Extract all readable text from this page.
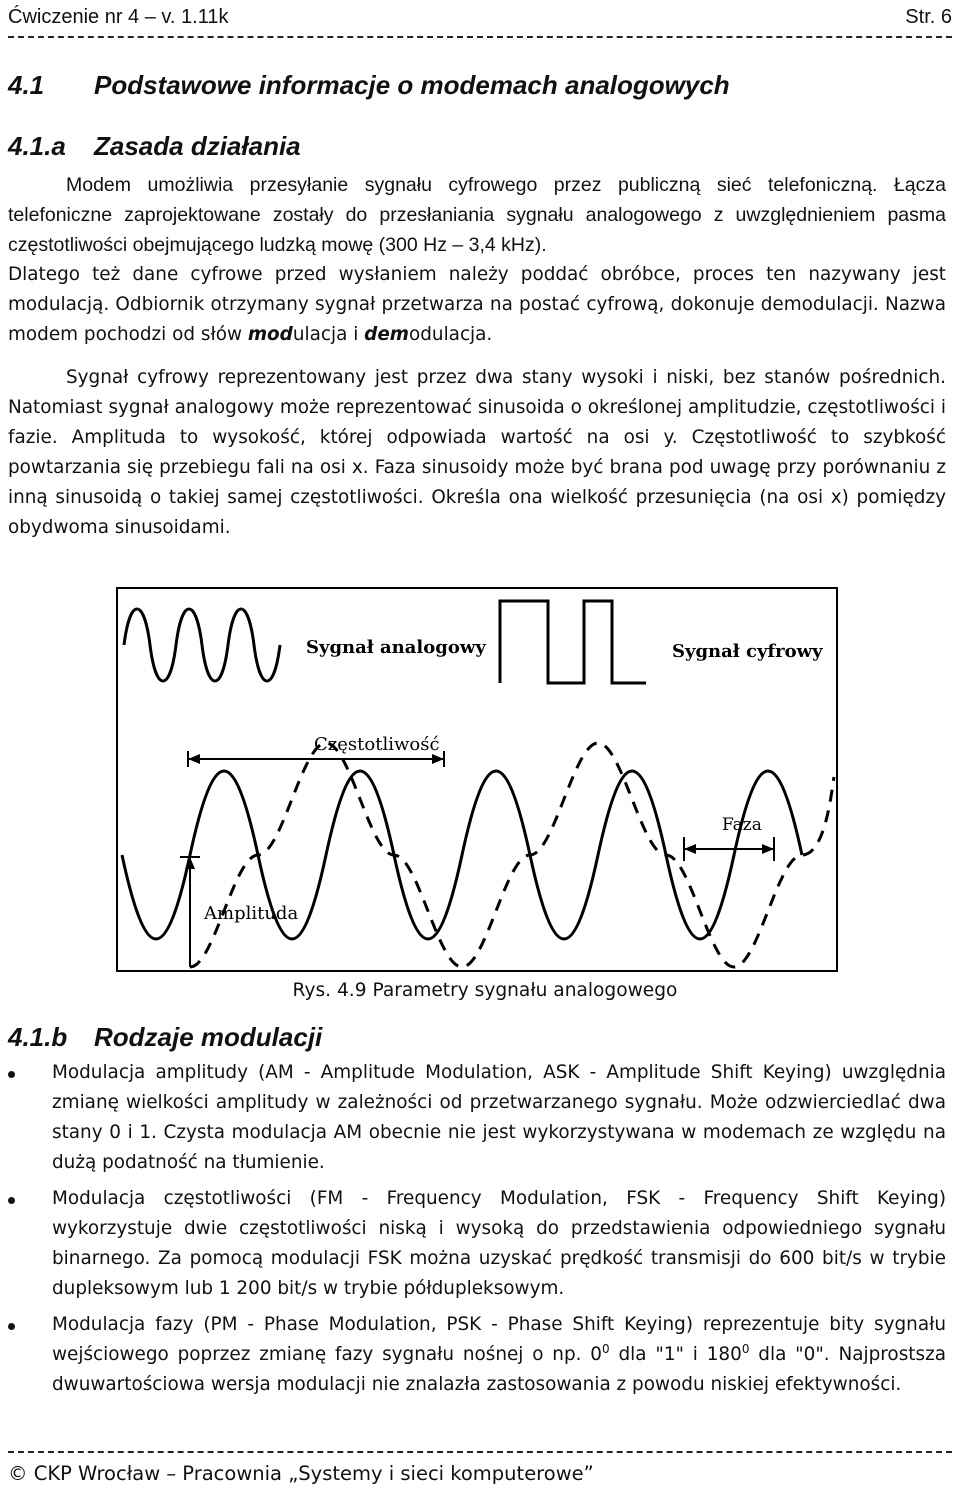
Ćwiczenie nr 4 – v. 1.11k	Str. 6
4.1 Podstawowe informacje o modemach analogowych
4.1.a Zasada działania
Modem umożliwia przesyłanie sygnału cyfrowego przez publiczną sieć telefoniczną. Łącza telefoniczne zaprojektowane zostały do przesłaniania sygnału analogowego z uwzględnieniem pasma częstotliwości obejmującego ludzką mowę (300 Hz – 3,4 kHz).
Dlatego też dane cyfrowe przed wysłaniem należy poddać obróbce, proces ten nazywany jest modulacją. Odbiornik otrzymany sygnał przetwarza na postać cyfrową, dokonuje demodulacji. Nazwa modem pochodzi od słów modulacja i demodulacja.
Sygnał cyfrowy reprezentowany jest przez dwa stany wysoki i niski, bez stanów pośrednich. Natomiast sygnał analogowy może reprezentować sinusoida o określonej amplitudzie, częstotliwości i fazie. Amplituda to wysokość, której odpowiada wartość na osi y. Częstotliwość to szybkość powtarzania się przebiegu fali na osi x. Faza sinusoidy może być brana pod uwagę przy porównaniu z inną sinusoidą o takiej samej częstotliwości. Określa ona wielkość przesunięcia (na osi x) pomiędzy obydwoma sinusoidami.
Sygnał analogowy	Sygnał cyfrowy
Częstotliwość
Faza
Amplituda
Rys. 4.9 Parametry sygnału analogowego
4.1.b Rodzaje modulacji
Modulacja amplitudy (AM - Amplitude Modulation, ASK - Amplitude Shift Keying) uwzględnia zmianę wielkości amplitudy w zależności od przetwarzanego sygnału. Może odzwierciedlać dwa stany 0 i 1. Czysta modulacja AM obecnie nie jest wykorzystywana w modemach ze względu na dużą podatność na tłumienie.
Modulacja częstotliwości (FM - Frequency Modulation, FSK - Frequency Shift Keying) wykorzystuje dwie częstotliwości niską i wysoką do przedstawienia odpowiedniego sygnału binarnego. Za pomocą modulacji FSK można uzyskać prędkość transmisji do 600 bit/s w trybie dupleksowym lub 1 200 bit/s w trybie półdupleksowym.
Modulacja fazy (PM - Phase Modulation, PSK - Phase Shift Keying) reprezentuje bity sygnału wejściowego poprzez zmianę fazy sygnału nośnej o np. $0^0$ dla "1" i $180^0$ dla "0". Najprostsza dwuwartościowa wersja modulacji nie znalazła zastosowania z powodu niskiej efektywności.
© CKP Wrocław – Pracownia „Systemy i sieci komputerowe”
